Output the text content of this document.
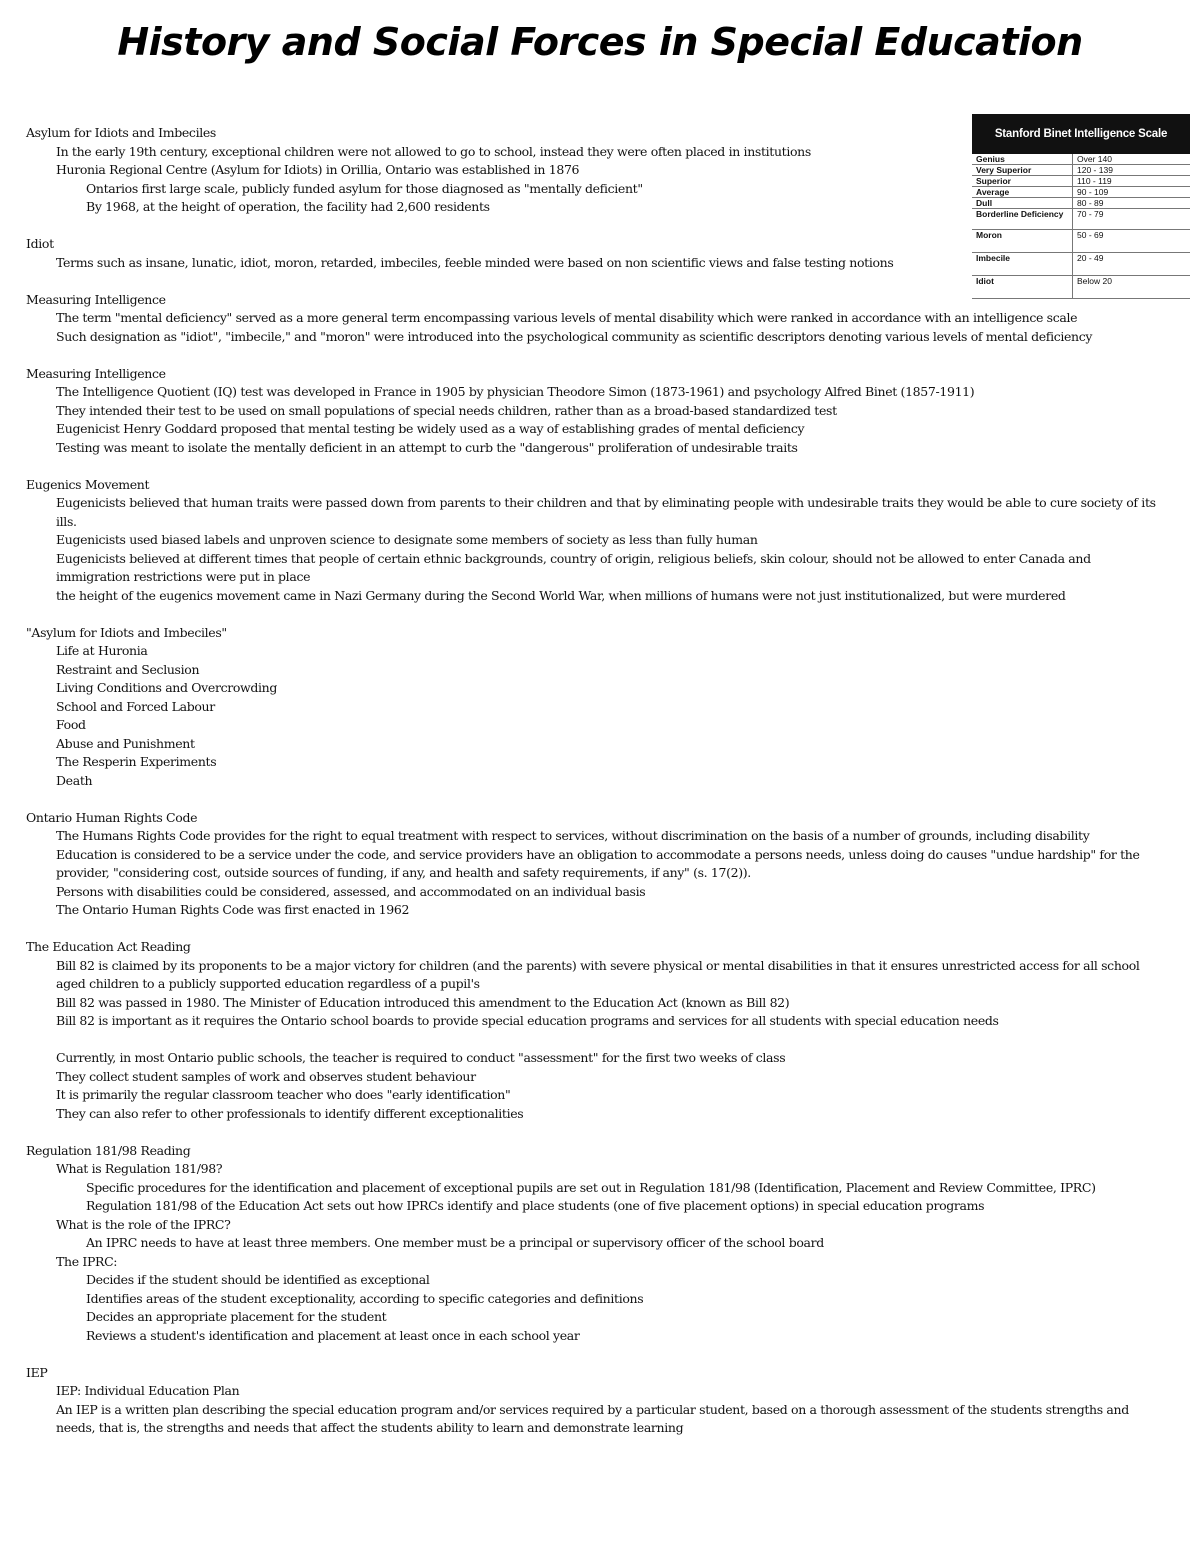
History and Social Forces in Special Education
Stanford Binet Intelligence Scale
Genius	Over 140
Very Superior	120 - 139
Superior	110 - 119
Average	90 - 109
Dull	80 - 89
Borderline Deficiency	70 - 79
Moron	50 - 69
Imbecile	20 - 49
Idiot	Below 20
Asylum for Idiots and Imbeciles
In the early 19th century, exceptional children were not allowed to go to school, instead they were often placed in institutions
Huronia Regional Centre (Asylum for Idiots) in Orillia, Ontario was established in 1876
Ontarios first large scale, publicly funded asylum for those diagnosed as "mentally deficient"
By 1968, at the height of operation, the facility had 2,600 residents
Idiot
Terms such as insane, lunatic, idiot, moron, retarded, imbeciles, feeble minded were based on non scientific views and false testing notions
Measuring Intelligence
The term "mental deficiency" served as a more general term encompassing various levels of mental disability which were ranked in accordance with an intelligence scale
Such designation as "idiot", "imbecile," and "moron" were introduced into the psychological community as scientific descriptors denoting various levels of mental deficiency
Measuring Intelligence
The Intelligence Quotient (IQ) test was developed in France in 1905 by physician Theodore Simon (1873-1961) and psychology Alfred Binet (1857-1911)
They intended their test to be used on small populations of special needs children, rather than as a broad-based standardized test
Eugenicist Henry Goddard proposed that mental testing be widely used as a way of establishing grades of mental deficiency
Testing was meant to isolate the mentally deficient in an attempt to curb the "dangerous" proliferation of undesirable traits
Eugenics Movement
Eugenicists believed that human traits were passed down from parents to their children and that by eliminating people with undesirable traits they would be able to cure society of its ills.
Eugenicists used biased labels and unproven science to designate some members of society as less than fully human
Eugenicists believed at different times that people of certain ethnic backgrounds, country of origin, religious beliefs, skin colour, should not be allowed to enter Canada and immigration restrictions were put in place
the height of the eugenics movement came in Nazi Germany during the Second World War, when millions of humans were not just institutionalized, but were murdered
"Asylum for Idiots and Imbeciles"
Life at Huronia
Restraint and Seclusion
Living Conditions and Overcrowding
School and Forced Labour
Food
Abuse and Punishment
The Resperin Experiments
Death
Ontario Human Rights Code
The Humans Rights Code provides for the right to equal treatment with respect to services, without discrimination on the basis of a number of grounds, including disability
Education is considered to be a service under the code, and service providers have an obligation to accommodate a persons needs, unless doing do causes "undue hardship" for the provider, "considering cost, outside sources of funding, if any, and health and safety requirements, if any" (s. 17(2)).
Persons with disabilities could be considered, assessed, and accommodated on an individual basis
The Ontario Human Rights Code was first enacted in 1962
The Education Act Reading
Bill 82 is claimed by its proponents to be a major victory for children (and the parents) with severe physical or mental disabilities in that it ensures unrestricted access for all school aged children to a publicly supported education regardless of a pupil's
Bill 82 was passed in 1980. The Minister of Education introduced this amendment to the Education Act (known as Bill 82)
Bill 82 is important as it requires the Ontario school boards to provide special education programs and services for all students with special education needs
Currently, in most Ontario public schools, the teacher is required to conduct "assessment" for the first two weeks of class
They collect student samples of work and observes student behaviour
It is primarily the regular classroom teacher who does "early identification"
They can also refer to other professionals to identify different exceptionalities
Regulation 181/98 Reading
What is Regulation 181/98?
Specific procedures for the identification and placement of exceptional pupils are set out in Regulation 181/98 (Identification, Placement and Review Committee, IPRC)
Regulation 181/98 of the Education Act sets out how IPRCs identify and place students (one of five placement options) in special education programs
What is the role of the IPRC?
An IPRC needs to have at least three members. One member must be a principal or supervisory officer of the school board
The IPRC:
Decides if the student should be identified as exceptional
Identifies areas of the student exceptionality, according to specific categories and definitions
Decides an appropriate placement for the student
Reviews a student's identification and placement at least once in each school year
IEP
IEP: Individual Education Plan
An IEP is a written plan describing the special education program and/or services required by a particular student, based on a thorough assessment of the students strengths and needs, that is, the strengths and needs that affect the students ability to learn and demonstrate learning
